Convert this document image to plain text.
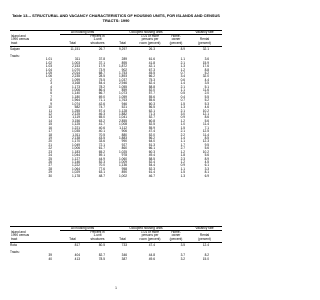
Table 13.-- STRUCTURAL AND VACANCY CHARACTERISTICS OF HOUSING UNITS, FOR ISLANDS AND CENSUS TRACTS: 1990
All housing units	Occupied housing units	Vacancy rate
Island and
1990 census
tract	Total
Percent in
1-unit
structures	Total
1.01 or more
persons per
room (percent)
Home-
owner
(percent)
Rental
(percent)
Saipan	11,151	26.7	9,297	26.3	8.9	32.1
Tracts:
1.01	311	37.8	289	61.6	1.1	3.6
1.02	1,003	37.1	895	41.8	2.1	15.9
1.03	2,153	17.9	1,872	42.1	1.3	17.6
1.04	1,070	73.9	902	67.3	1.2	8.8
1.05	2,014	68.7	1,753	45.5	0.7	5.2
1.06	2,235	28.5	1,893	66.2	3.4	32.0
2	1,099	75.5	1,037	75.3	0.6	4.4
3	3,168	54.4	2,946	62.4	1.4	3.5
4	1,173	78.2	1,055	58.8	2.1	5.1
5	1,006	86.4	859	52.0	1.1	11.6
6	1,140	66.7	1,073	57.7	0.5	2.0
7	1,180	69.0	1,059	55.6	0.4	5.5
8	1,964	71.1	1,763	55.6	0.7	5.2
9	1,074	42.6	946	60.3	1.5	5.3
10	582	74.7	521	56.5	1.3	4.6
11	1,255	57.4	1,128	62.1	2.1	10.2
12	2,125	46.3	1,882	71.3	3.0	12.1
13	1,119	65.0	1,041	52.7	0.9	8.6
14	3,156	63.2	2,855	60.8	1.2	5.6
15	1,125	41.7	1,008	52.5	1.0	11.4
16	1,221	40.6	1,112	55.9	1.5	7.1
17	1,035	40.1	906	47.4	2.1	12.5
18	1,011	70.5	880	52.0	2.2	11.4
19	2,138	43.5	1,883	56.2	1.4	8.5
20	1,170	33.6	990	64.0	1.1	12.3
21	1,049	72.1	927	51.3	1.7	9.5
22	1,006	61.7	860	66.1	2.7	5.6
23	1,183	65.2	1,025	60.3	1.2	10.2
24	1,044	59.1	978	49.4	1.8	5.6
25	1,127	44.9	1,060	58.5	2.3	8.9
26	1,146	52.3	1,009	52.4	1.2	4.5
27	1,222	70.0	1,136	54.4	0.9	6.1
28	1,064	77.6	958	52.3	1.1	3.3
29	1,029	63.1	890	61.4	1.5	8.1
30	1,178	48.7	1,002	46.7	1.3	6.9
All housing units	Occupied housing units	Vacancy rate
Island and
1990 census
tract	Total
Percent in
1-unit
structures	Total
1.01 or more
persons per
room (percent)
Home-
owner
(percent)
Rental
(percent)
Rota	817	80.5	733	47.4	3.5	12.4
Tracts:
39	404	82.7	346	44.8	3.7	8.2
40	413	78.5	387	49.6	3.2	15.0
1
